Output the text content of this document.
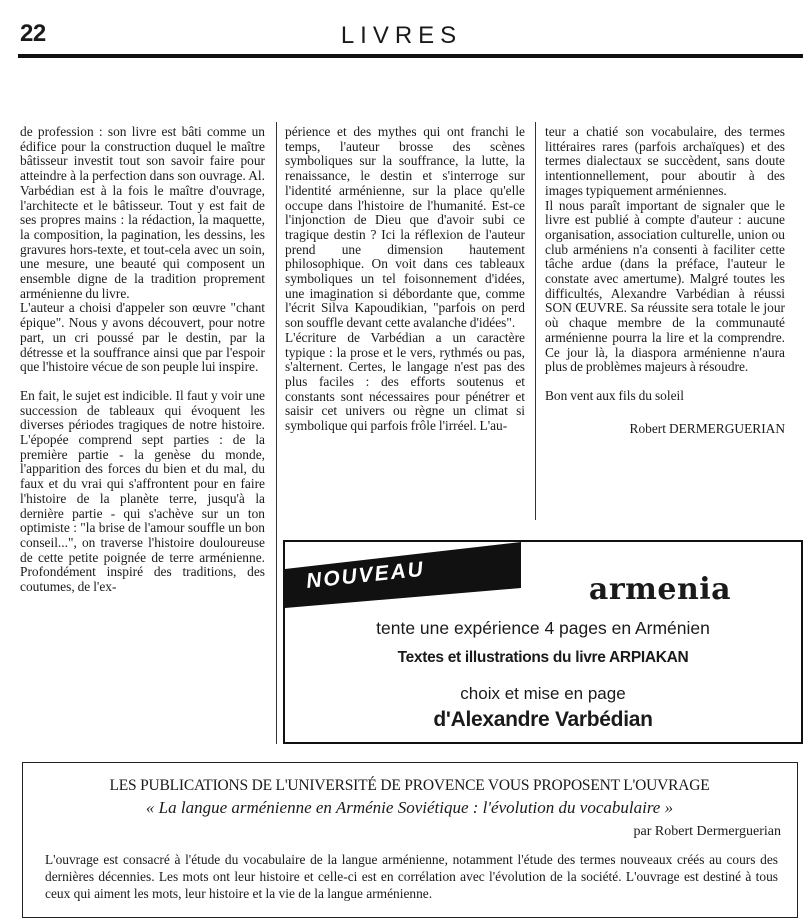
22	LIVRES

de profession : son livre est bâti comme un édifice pour la construction duquel le maître bâtisseur investit tout son savoir faire pour atteindre à la perfection dans son ouvrage. Al. Varbédian est à la fois le maître d'ouvrage, l'architecte et le bâtisseur. Tout y est fait de ses propres mains : la rédaction, la maquette, la composition, la pagination, les dessins, les gravures hors-texte, et tout-cela avec un soin, une mesure, une beauté qui composent un ensemble digne de la tradition proprement arménienne du livre.

L'auteur a choisi d'appeler son œuvre "chant épique". Nous y avons découvert, pour notre part, un cri poussé par le destin, par la détresse et la souffrance ainsi que par l'espoir que l'histoire vécue de son peuple lui inspire.

En fait, le sujet est indicible. Il faut y voir une succession de tableaux qui évoquent les diverses périodes tragiques de notre histoire. L'épopée comprend sept parties : de la première partie - la genèse du monde, l'apparition des forces du bien et du mal, du faux et du vrai qui s'affrontent pour en faire l'histoire de la planète terre, jusqu'à la dernière partie - qui s'achève sur un ton optimiste : "la brise de l'amour souffle un bon conseil...", on traverse l'histoire douloureuse de cette petite poignée de terre arménienne. Profondément inspiré des traditions, des coutumes, de l'ex-

périence et des mythes qui ont franchi le temps, l'auteur brosse des scènes symboliques sur la souffrance, la lutte, la renaissance, le destin et s'interroge sur l'identité arménienne, sur la place qu'elle occupe dans l'histoire de l'humanité. Est-ce l'injonction de Dieu que d'avoir subi ce tragique destin ? Ici la réflexion de l'auteur prend une dimension hautement philosophique. On voit dans ces tableaux symboliques un tel foisonnement d'idées, une imagination si débordante que, comme l'écrit Silva Kapoudikian, "parfois on perd son souffle devant cette avalanche d'idées".

L'écriture de Varbédian a un caractère typique : la prose et le vers, rythmés ou pas, s'alternent. Certes, le langage n'est pas des plus faciles : des efforts soutenus et constants sont nécessaires pour pénétrer et saisir cet univers ou règne un climat si symbolique qui parfois frôle l'irréel. L'au-

teur a chatié son vocabulaire, des termes littéraires rares (parfois archaïques) et des termes dialectaux se succèdent, sans doute intentionnellement, pour aboutir à des images typiquement arméniennes.

Il nous paraît important de signaler que le livre est publié à compte d'auteur : aucune organisation, association culturelle, union ou club arméniens n'a consenti à faciliter cette tâche ardue (dans la préface, l'auteur le constate avec amertume). Malgré toutes les difficultés, Alexandre Varbédian à réussi SON ŒUVRE. Sa réussite sera totale le jour où chaque membre de la communauté arménienne pourra la lire et la comprendre. Ce jour là, la diaspora arménienne n'aura plus de problèmes majeurs à résoudre.

Bon vent aux fils du soleil

Robert DERMERGUERIAN

NOUVEAU	armenia
tente une expérience 4 pages en Arménien
Textes et illustrations du livre ARPIAKAN
choix et mise en page
d'Alexandre Varbédian
LES PUBLICATIONS DE L'UNIVERSITÉ DE PROVENCE VOUS PROPOSENT L'OUVRAGE
« La langue arménienne en Arménie Soviétique : l'évolution du vocabulaire »
par Robert Dermerguerian
L'ouvrage est consacré à l'étude du vocabulaire de la langue arménienne, notamment l'étude des termes nouveaux créés au cours des dernières décennies. Les mots ont leur histoire et celle-ci est en corrélation avec l'évolution de la société. L'ouvrage est destiné à tous ceux qui aiment les mots, leur histoire et la vie de la langue arménienne.
